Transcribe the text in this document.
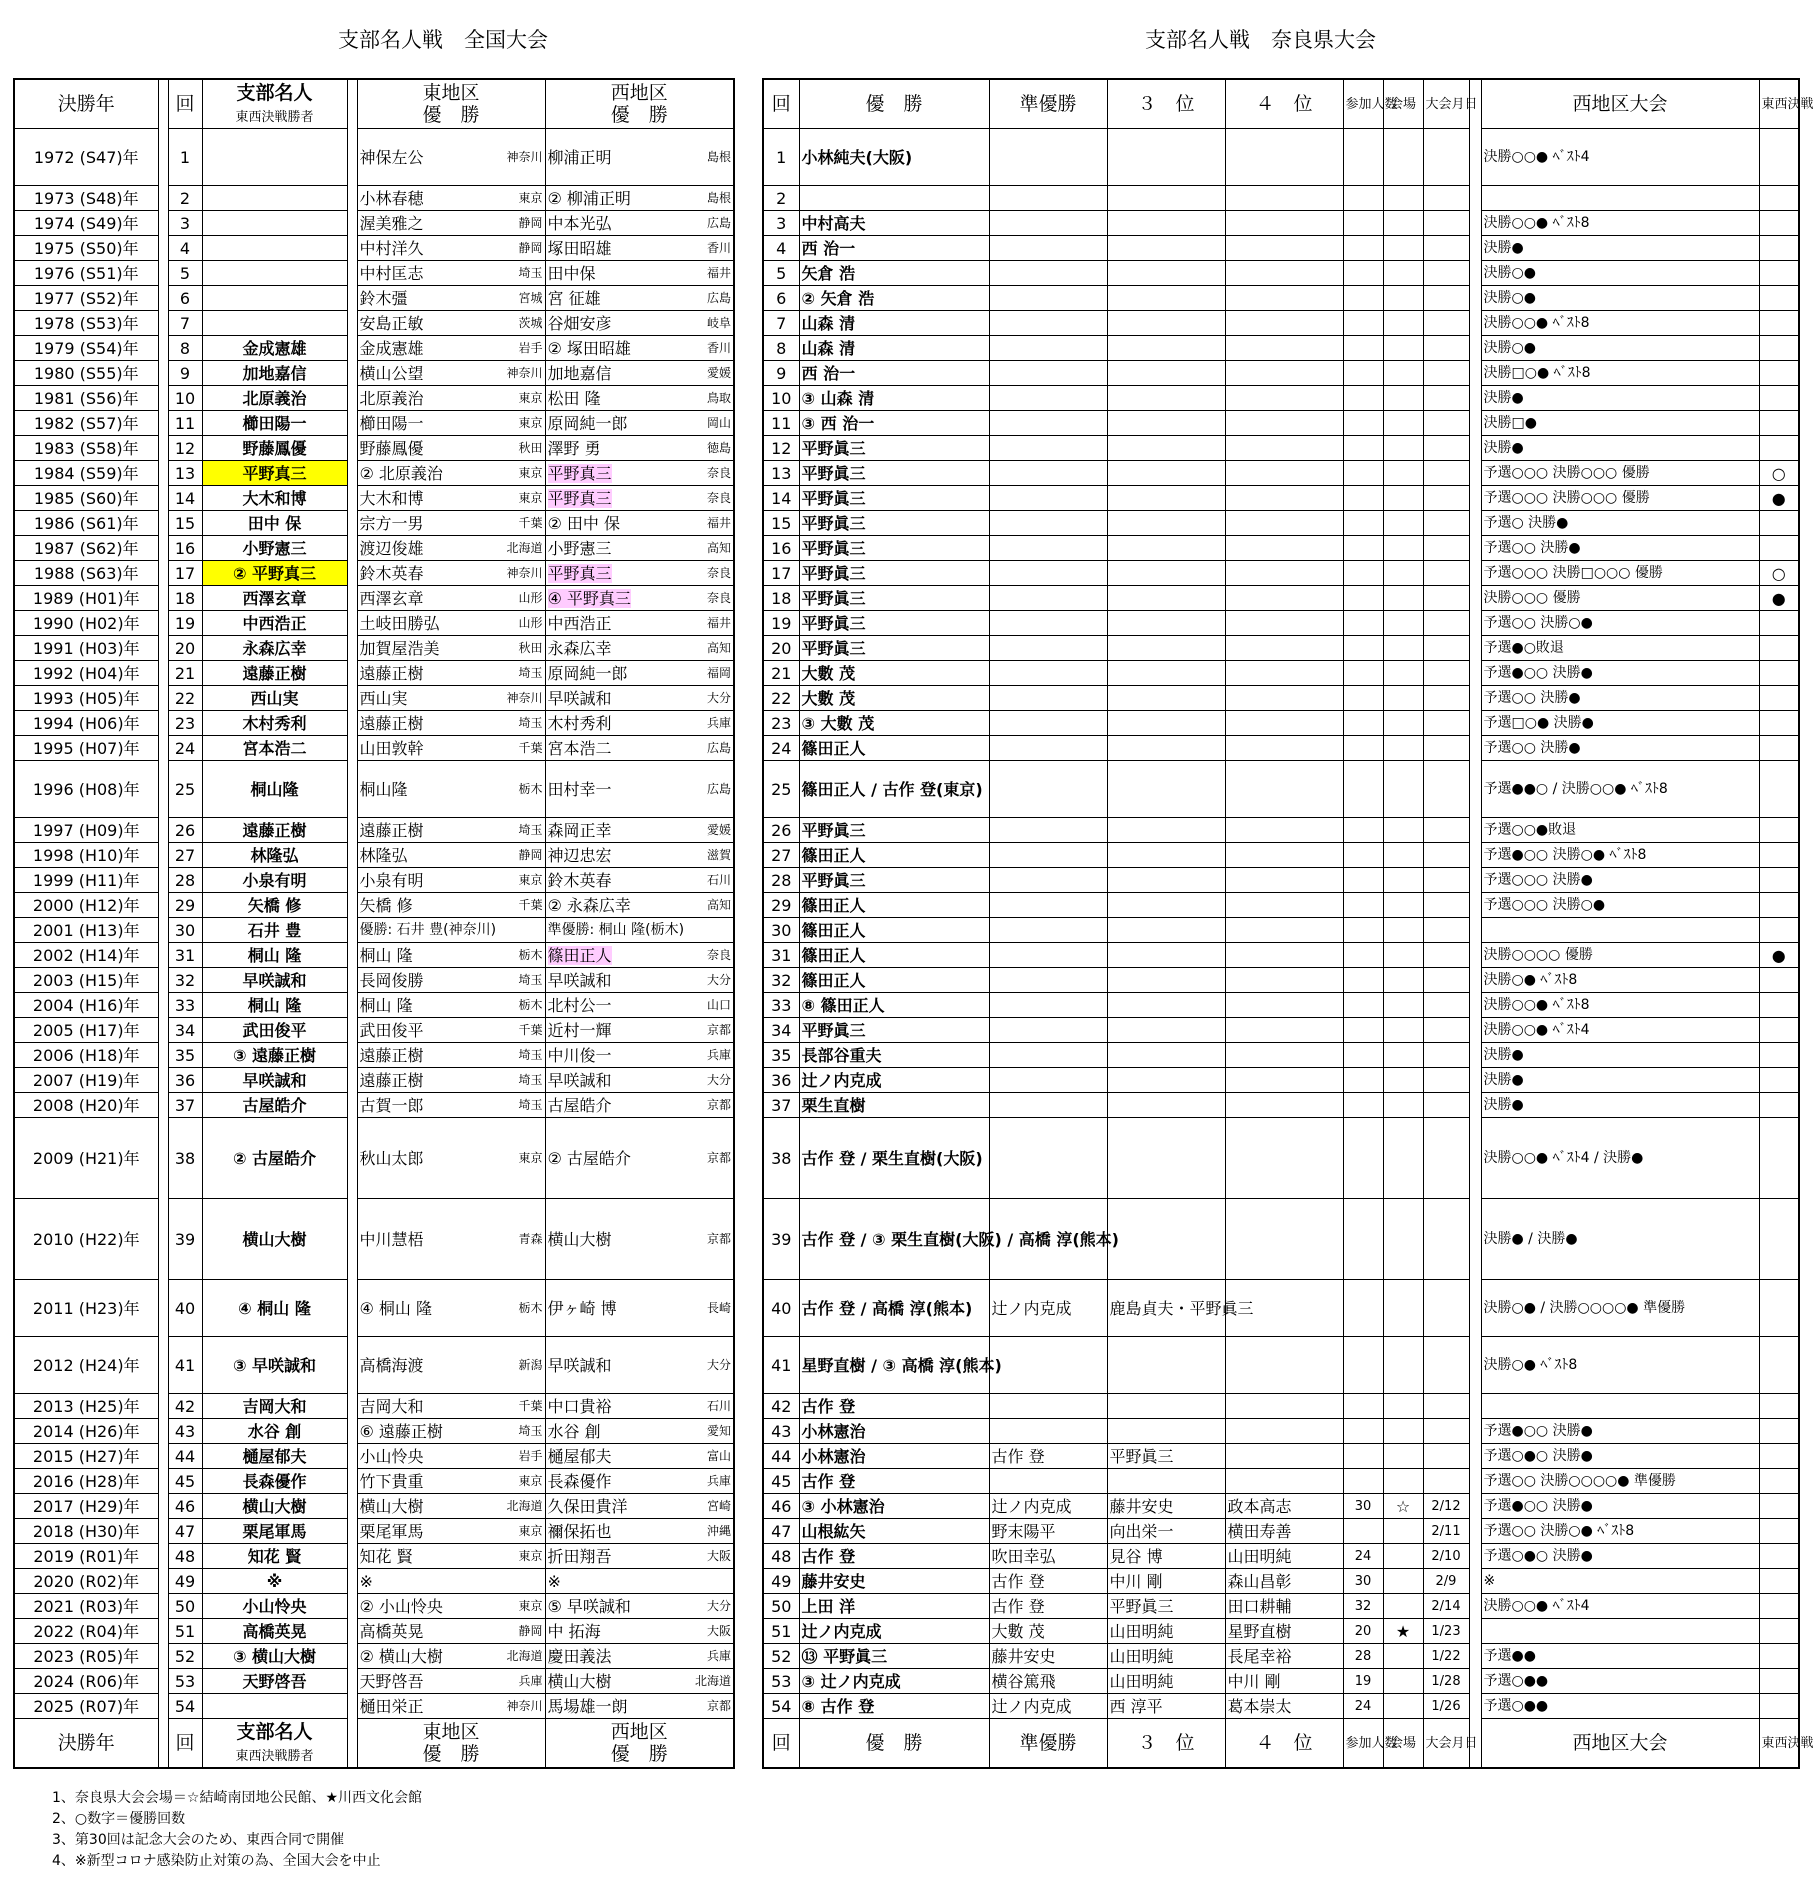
支部名人戦　全国大会	支部名人戦　奈良県大会
決勝年		回	支部名人
東西決戦勝者		東地区
優　勝	西地区
優　勝
1972 (S47)年		1			神保左公 神奈川	柳浦正明 島根

1973 (S48)年		2			小林春穂 東京	② 柳浦正明 島根

1974 (S49)年		3			渥美雅之 静岡	中本光弘 広島

1975 (S50)年		4			中村洋久 静岡	塚田昭雄 香川

1976 (S51)年		5			中村匡志 埼玉	田中保 福井

1977 (S52)年		6			鈴木彊 宮城	宮 征雄 広島

1978 (S53)年		7			安島正敏 茨城	谷畑安彦 岐阜

1979 (S54)年		8	金成憲雄		金成憲雄 岩手	② 塚田昭雄 香川

1980 (S55)年		9	加地嘉信		横山公望 神奈川	加地嘉信 愛媛

1981 (S56)年		10	北原義治		北原義治 東京	松田 隆 鳥取

1982 (S57)年		11	櫛田陽一		櫛田陽一 東京	原岡純一郎 岡山

1983 (S58)年		12	野藤鳳優		野藤鳳優 秋田	澤野 勇 徳島

1984 (S59)年		13	平野真三		② 北原義治 東京	平野真三 奈良

1985 (S60)年		14	大木和博		大木和博 東京	平野真三 奈良

1986 (S61)年		15	田中 保		宗方一男 千葉	② 田中 保 福井

1987 (S62)年		16	小野憲三		渡辺俊雄 北海道	小野憲三 高知

1988 (S63)年		17	② 平野真三		鈴木英春 神奈川	平野真三 奈良

1989 (H01)年		18	西澤玄章		西澤玄章 山形	④ 平野真三 奈良

1990 (H02)年		19	中西浩正		土岐田勝弘 山形	中西浩正 福井

1991 (H03)年		20	永森広幸		加賀屋浩美 秋田	永森広幸 高知

1992 (H04)年		21	遠藤正樹		遠藤正樹 埼玉	原岡純一郎 福岡

1993 (H05)年		22	西山実		西山実 神奈川	早咲誠和 大分

1994 (H06)年		23	木村秀利		遠藤正樹 埼玉	木村秀利 兵庫

1995 (H07)年		24	宮本浩二		山田敦幹 千葉	宮本浩二 広島

1996 (H08)年		25	桐山隆		桐山隆 栃木	田村幸一 広島

1997 (H09)年		26	遠藤正樹		遠藤正樹 埼玉	森岡正幸 愛媛

1998 (H10)年		27	林隆弘		林隆弘 静岡	神辺忠宏 滋賀

1999 (H11)年		28	小泉有明		小泉有明 東京	鈴木英春 石川

2000 (H12)年		29	矢橋 修		矢橋 修 千葉	② 永森広幸 高知

2001 (H13)年		30	石井 豊		優勝: 石井 豊(神奈川)	準優勝: 桐山 隆(栃木)

2002 (H14)年		31	桐山 隆		桐山 隆 栃木	篠田正人 奈良

2003 (H15)年		32	早咲誠和		長岡俊勝 埼玉	早咲誠和 大分

2004 (H16)年		33	桐山 隆		桐山 隆 栃木	北村公一 山口

2005 (H17)年		34	武田俊平		武田俊平 千葉	近村一輝 京都

2006 (H18)年		35	③ 遠藤正樹		遠藤正樹 埼玉	中川俊一 兵庫

2007 (H19)年		36	早咲誠和		遠藤正樹 埼玉	早咲誠和 大分

2008 (H20)年		37	古屋皓介		古賀一郎 埼玉	古屋皓介 京都

2009 (H21)年		38	② 古屋皓介		秋山太郎 東京	② 古屋皓介 京都

2010 (H22)年		39	横山大樹		中川慧梧 青森	横山大樹 京都

2011 (H23)年		40	④ 桐山 隆		④ 桐山 隆 栃木	伊ヶ崎 博 長崎

2012 (H24)年		41	③ 早咲誠和		高橋海渡 新潟	早咲誠和 大分

2013 (H25)年		42	吉岡大和		吉岡大和 千葉	中口貴裕 石川

2014 (H26)年		43	水谷 創		⑥ 遠藤正樹 埼玉	水谷 創 愛知

2015 (H27)年		44	樋屋郁夫		小山怜央 岩手	樋屋郁夫 富山

2016 (H28)年		45	長森優作		竹下貴重 東京	長森優作 兵庫

2017 (H29)年		46	横山大樹		横山大樹 北海道	久保田貴洋 宮崎

2018 (H30)年		47	栗尾軍馬		栗尾軍馬 東京	禰保拓也 沖縄

2019 (R01)年		48	知花 賢		知花 賢 東京	折田翔吾 大阪

2020 (R02)年		49	※		※	※

2021 (R03)年		50	小山怜央		② 小山怜央 東京	⑤ 早咲誠和 大分

2022 (R04)年		51	高橋英晃		高橋英晃 静岡	中 拓海 大阪

2023 (R05)年		52	③ 横山大樹		② 横山大樹 北海道	慶田義法 兵庫

2024 (R06)年		53	天野啓吾		天野啓吾 兵庫	横山大樹 北海道

2025 (R07)年		54			樋田栄正 神奈川	馬場雄一朗 京都

決勝年		回	支部名人
東西決戦勝者		東地区
優　勝	西地区
優　勝
回	優　勝	準優勝	３　位	４　位	参加人数	会場	大会月日		西地区大会	東西決戦
1	小林純夫(大阪)								決勝○○● ﾍﾞｽﾄ4	
2										
3	中村高夫								決勝○○● ﾍﾞｽﾄ8	
4	西 治一								決勝●	
5	矢倉 浩								決勝○●	
6	② 矢倉 浩								決勝○●	
7	山森 清								決勝○○● ﾍﾞｽﾄ8	
8	山森 清								決勝○●	
9	西 治一								決勝□○● ﾍﾞｽﾄ8	
10	③ 山森 清								決勝●	
11	③ 西 治一								決勝□●	
12	平野眞三								決勝●	
13	平野眞三								予選○○○ 決勝○○○ 優勝	○
14	平野眞三								予選○○○ 決勝○○○ 優勝	●
15	平野眞三								予選○ 決勝●	
16	平野眞三								予選○○ 決勝●	
17	平野眞三								予選○○○ 決勝□○○○ 優勝	○
18	平野眞三								決勝○○○ 優勝	●
19	平野眞三								予選○○ 決勝○●	
20	平野眞三								予選●○敗退	
21	大數 茂								予選●○○ 決勝●	
22	大數 茂								予選○○ 決勝●	
23	③ 大數 茂								予選□○● 決勝●	
24	篠田正人								予選○○ 決勝●	
25	篠田正人 / 古作 登(東京)								予選●●○ / 決勝○○● ﾍﾞｽﾄ8	
26	平野眞三								予選○○●敗退	
27	篠田正人								予選●○○ 決勝○● ﾍﾞｽﾄ8	
28	平野眞三								予選○○○ 決勝●	
29	篠田正人								予選○○○ 決勝○●	
30	篠田正人									
31	篠田正人								決勝○○○○ 優勝	●
32	篠田正人								決勝○● ﾍﾞｽﾄ8	
33	⑧ 篠田正人								決勝○○● ﾍﾞｽﾄ8	
34	平野眞三								決勝○○● ﾍﾞｽﾄ4	
35	長部谷重夫								決勝●	
36	辻ノ内克成								決勝●	
37	栗生直樹								決勝●	
38	古作 登 / 栗生直樹(大阪)								決勝○○● ﾍﾞｽﾄ4 / 決勝●	
39	古作 登 / ③ 栗生直樹(大阪) / 高橋 淳(熊本)								決勝● / 決勝●	
40	古作 登 / 高橋 淳(熊本)	辻ノ内克成	鹿島貞夫・平野眞三						決勝○● / 決勝○○○○● 準優勝	
41	星野直樹 / ③ 高橋 淳(熊本)								決勝○● ﾍﾞｽﾄ8	
42	古作 登									
43	小林憲治								予選●○○ 決勝●	
44	小林憲治	古作 登	平野眞三						予選○●○ 決勝●	
45	古作 登								予選○○ 決勝○○○○● 準優勝	
46	③ 小林憲治	辻ノ内克成	藤井安史	政本高志	30	☆	2/12		予選●○○ 決勝●	
47	山根紘矢	野末陽平	向出栄一	横田寿善			2/11		予選○○ 決勝○● ﾍﾞｽﾄ8	
48	古作 登	吹田幸弘	見谷 博	山田明純	24		2/10		予選○●○ 決勝●	
49	藤井安史	古作 登	中川 剛	森山昌彰	30		2/9		※	
50	上田 洋	古作 登	平野眞三	田口耕輔	32		2/14		決勝○○● ﾍﾞｽﾄ4	
51	辻ノ内克成	大數 茂	山田明純	星野直樹	20	★	1/23			
52	⑬ 平野眞三	藤井安史	山田明純	長尾幸裕	28		1/22		予選●●	
53	③ 辻ノ内克成	横谷篤飛	山田明純	中川 剛	19		1/28		予選○●●	
54	⑧ 古作 登	辻ノ内克成	西 淳平	葛本崇太	24		1/26		予選○●●	
回	優　勝	準優勝	３　位	４　位	参加人数	会場	大会月日		西地区大会	東西決戦
1、奈良県大会会場＝☆結崎南団地公民館、★川西文化会館
2、○数字＝優勝回数
3、第30回は記念大会のため、東西合同で開催
4、※新型コロナ感染防止対策の為、全国大会を中止
